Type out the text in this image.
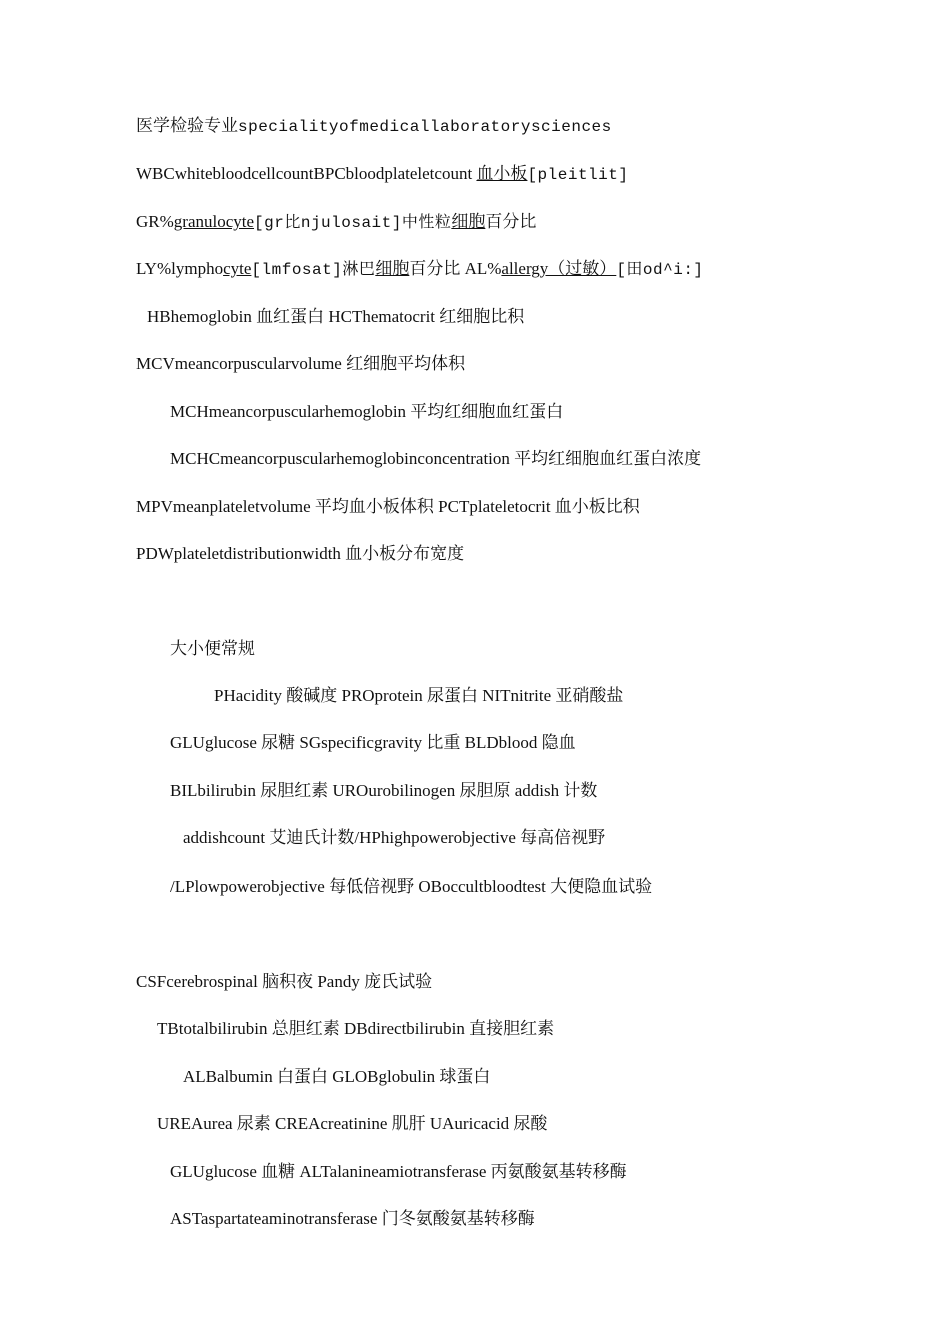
医学检验专业specialityofmedicallaboratorysciences
WBCwhitebloodcellcountBPCbloodplateletcount 血小板[pleitlit]
GR%granulocyte[gr比njulosait]中性粒细胞百分比
LY%lymphocyte[lmfosat]淋巴细胞百分比 AL%allergy（过敏）[田od^i:]
HBhemoglobin 血红蛋白 HCThematocrit 红细胞比积
MCVmeancorpuscularvolume 红细胞平均体积
MCHmeancorpuscularhemoglobin 平均红细胞血红蛋白
MCHCmeancorpuscularhemoglobinconcentration 平均红细胞血红蛋白浓度
MPVmeanplateletvolume 平均血小板体积 PCTplateletocrit 血小板比积
PDWplateletdistributionwidth 血小板分布宽度
大小便常规
PHacidity 酸碱度 PROprotein 尿蛋白 NITnitrite 亚硝酸盐
GLUglucose 尿糖 SGspecificgravity 比重 BLDblood 隐血
BILbilirubin 尿胆红素 UROurobilinogen 尿胆原 addish 计数
addishcount 艾迪氏计数/HPhighpowerobjective 每高倍视野
/LPlowpowerobjective 每低倍视野 OBoccultbloodtest 大便隐血试验
CSFcerebrospinal 脑积夜 Pandy 庞氏试验
TBtotalbilirubin 总胆红素 DBdirectbilirubin 直接胆红素
ALBalbumin 白蛋白 GLOBglobulin 球蛋白
UREAurea 尿素 CREAcreatinine 肌肝 UAuricacid 尿酸
GLUglucose 血糖 ALTalanineamiotransferase 丙氨酸氨基转移酶
ASTaspartateaminotransferase 门冬氨酸氨基转移酶
